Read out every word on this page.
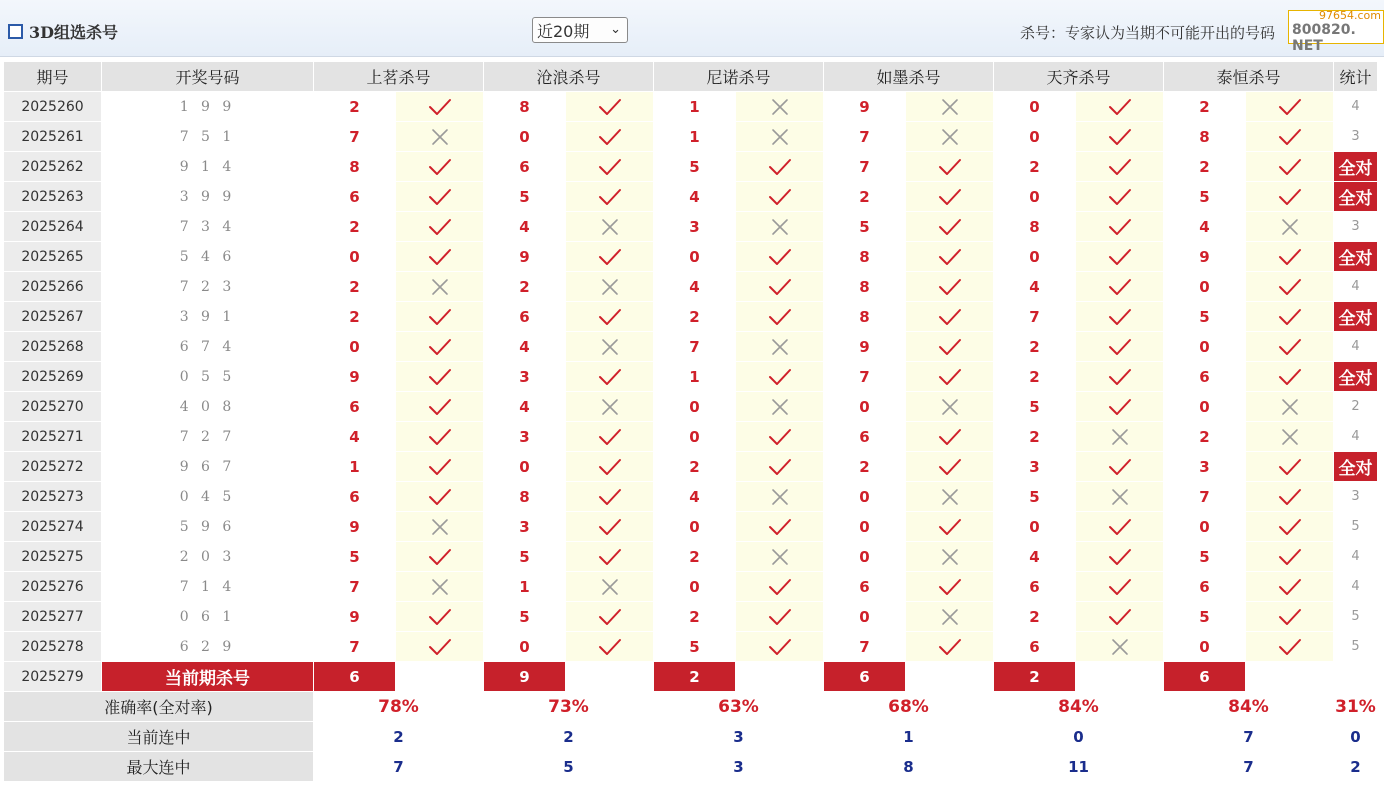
3D组选杀号	近20期 ⌄	杀号：专家认为当期不可能开出的号码
97654.com
800820. NET
期号	开奖号码	上茗杀号		沧浪杀号		尼诺杀号		如墨杀号		天齐杀号		泰恒杀号		统计
2025260	1 9 9	2		8		1		9		0		2		4
2025261	7 5 1	7		0		1		7		0		8		3
2025262	9 1 4	8		6		5		7		2		2		全对
2025263	3 9 9	6		5		4		2		0		5		全对
2025264	7 3 4	2		4		3		5		8		4		3
2025265	5 4 6	0		9		0		8		0		9		全对
2025266	7 2 3	2		2		4		8		4		0		4
2025267	3 9 1	2		6		2		8		7		5		全对
2025268	6 7 4	0		4		7		9		2		0		4
2025269	0 5 5	9		3		1		7		2		6		全对
2025270	4 0 8	6		4		0		0		5		0		2
2025271	7 2 7	4		3		0		6		2		2		4
2025272	9 6 7	1		0		2		2		3		3		全对
2025273	0 4 5	6		8		4		0		5		7		3
2025274	5 9 6	9		3		0		0		0		0		5
2025275	2 0 3	5		5		2		0		4		5		4
2025276	7 1 4	7		1		0		6		6		6		4
2025277	0 6 1	9		5		2		0		2		5		5
2025278	6 2 9	7		0		5		7		6		0		5
2025279	当前期杀号	6		9		2		6		2		6		
准确率(全对率)		78%		73%		63%		68%		84%		84%		31%
当前连中		2		2		3		1		0		7		0
最大连中		7		5		3		8		11		7		2
